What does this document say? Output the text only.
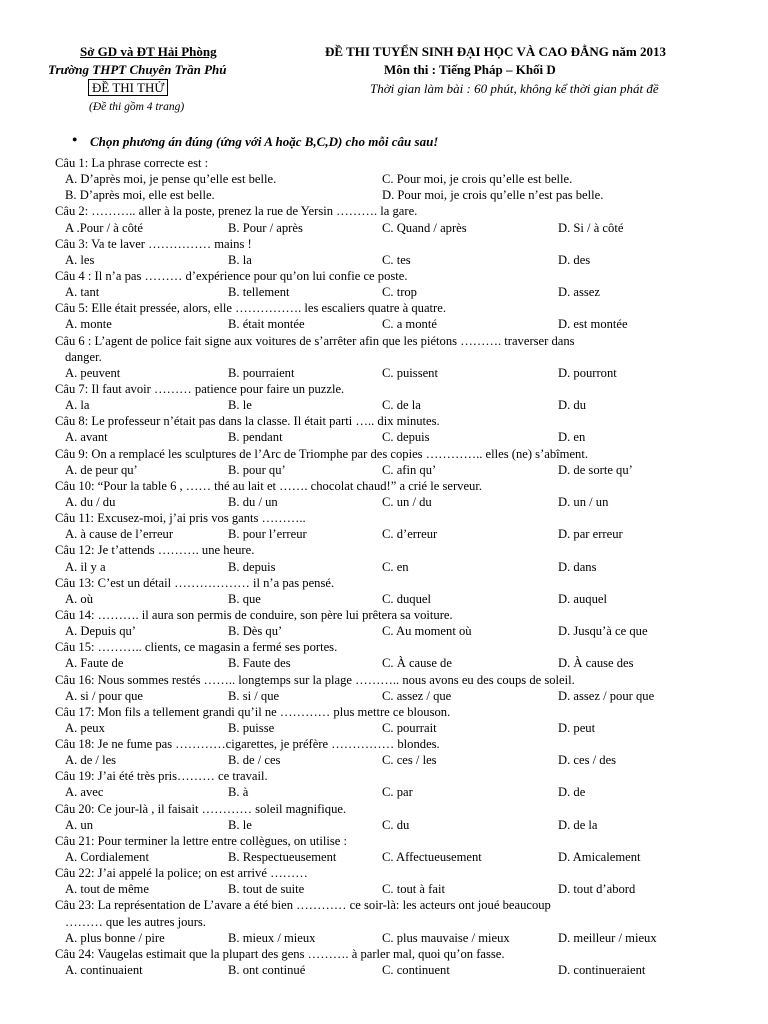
Sở GD và ĐT Hải Phòng
Trường THPT Chuyên Trần Phú
ĐỀ THI THỬ
(Đề thi gồm 4 trang)
ĐỀ THI TUYỂN SINH ĐẠI HỌC VÀ CAO ĐẲNG năm 2013
Môn thi : Tiếng Pháp – Khối D
Thời gian làm bài : 60 phút, không kể thời gian phát đề
● Chọn phương án đúng (ứng với A hoặc B,C,D) cho mỗi câu sau!
Câu 1: La phrase correcte est :
A. D’après moi, je pense qu’elle est belle.	C. Pour moi, je crois qu’elle est belle.
B. D’après moi, elle est belle.	D. Pour moi, je crois qu’elle n’est pas belle.
Câu 2: ……….. aller à la poste, prenez la rue de Yersin ………. la gare.
A .Pour / à côté	B. Pour / après	C. Quand / après	D. Si / à côté
Câu 3: Va te laver …………… mains !
A. les	B. la	C. tes	D. des
Câu 4 : Il n’a pas ……… d’expérience pour qu’on lui confie ce poste.
A. tant	B. tellement	C. trop	D. assez
Câu 5: Elle était pressée, alors, elle ……………. les escaliers quatre à quatre.
A. monte	B. était montée	C. a monté	D. est montée
Câu 6 : L’agent de police fait signe aux voitures de s’arrêter afin que les piétons ………. traverser dans
danger.
A. peuvent	B. pourraient	C. puissent	D. pourront
Câu 7: Il faut avoir ……… patience pour faire un puzzle.
A. la	B. le	C. de la	D. du
Câu 8: Le professeur n’était pas dans la classe. Il était parti ….. dix minutes.
A. avant	B. pendant	C. depuis	D. en
Câu 9: On a remplacé les sculptures de l’Arc de Triomphe par des copies ………….. elles (ne) s’abîment.
A. de peur qu’	B. pour qu’	C. afin qu’	D. de sorte qu’
Câu 10: “Pour la table 6 , …… thé au lait et ……. chocolat chaud!” a crié le serveur.
A. du / du	B. du / un	C. un / du	D. un / un
Câu 11: Excusez-moi, j’ai pris vos gants ………..
A. à cause de l’erreur	B. pour l’erreur	C. d’erreur	D. par erreur
Câu 12: Je t’attends ………. une heure.
A. il y a	B. depuis	C. en	D. dans
Câu 13: C’est un détail ……………… il n’a pas pensé.
A. où	B. que	C. duquel	D. auquel
Câu 14: ………. il aura son permis de conduire, son père lui prêtera sa voiture.
A. Depuis qu’	B. Dès qu’	C. Au moment où	D. Jusqu’à ce que
Câu 15: ……….. clients, ce magasin a fermé ses portes.
A. Faute de	B. Faute des	C. À cause de	D. À cause des
Câu 16: Nous sommes restés …….. longtemps sur la plage ……….. nous avons eu des coups de soleil.
A. si / pour que	B. si / que	C. assez / que	D. assez / pour que
Câu 17: Mon fils a tellement grandi qu’il ne ………… plus mettre ce blouson.
A. peux	B. puisse	C. pourrait	D. peut
Câu 18: Je ne fume pas …………cigarettes, je préfère …………… blondes.
A. de / les	B. de / ces	C. ces / les	D. ces / des
Câu 19: J’ai été très pris……… ce travail.
A. avec	B. à	C. par	D. de
Câu 20: Ce jour-là , il faisait ………… soleil magnifique.
A. un	B. le	C. du	D. de la
Câu 21: Pour terminer la lettre entre collègues, on utilise :
A. Cordialement	B. Respectueusement	C. Affectueusement	D. Amicalement
Câu 22: J’ai appelé la police; on est arrivé ………
A. tout de même	B. tout de suite	C. tout à fait	D. tout d’abord
Câu 23: La représentation de L’avare a été bien ………… ce soir-là: les acteurs ont joué beaucoup
……… que les autres jours.
A. plus bonne / pire	B. mieux / mieux	C. plus mauvaise / mieux	D. meilleur / mieux
Câu 24: Vaugelas estimait que la plupart des gens ………. à parler mal, quoi qu’on fasse.
A. continuaient	B. ont continué	C. continuent	D. continueraient
